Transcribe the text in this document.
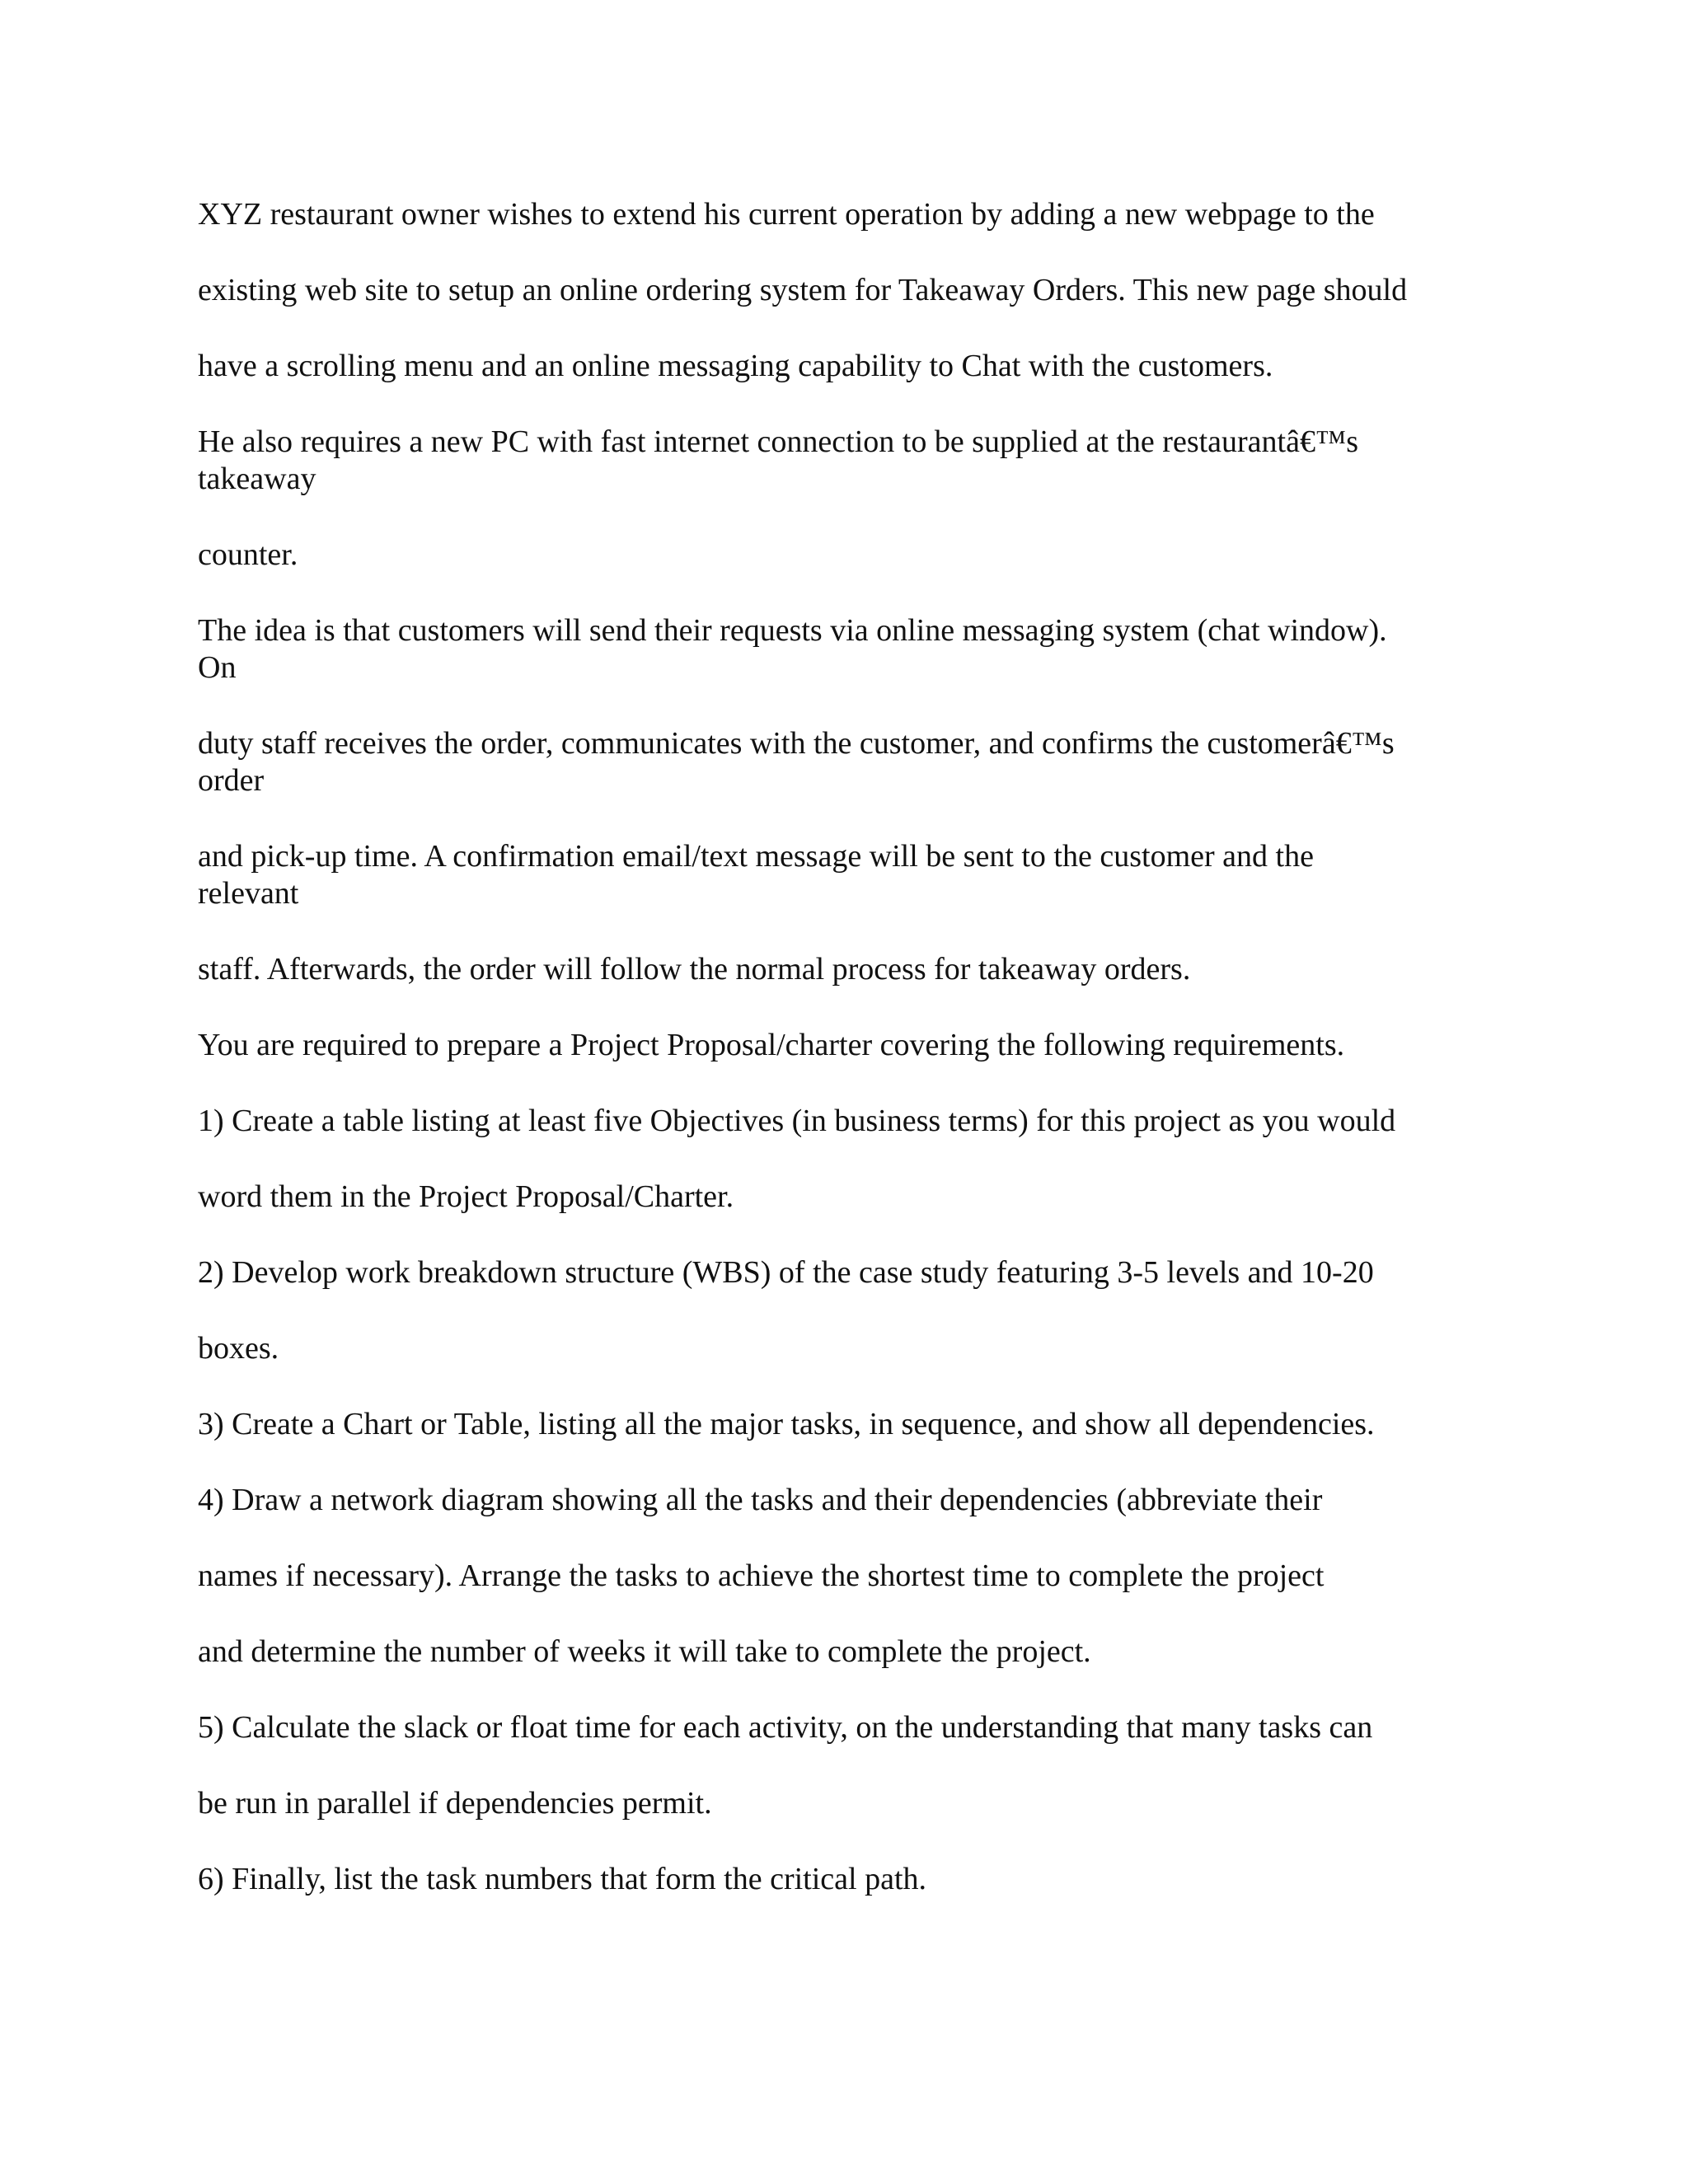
XYZ restaurant owner wishes to extend his current operation by adding a new webpage to the

existing web site to setup an online ordering system for Takeaway Orders. This new page should

have a scrolling menu and an online messaging capability to Chat with the customers.

He also requires a new PC with fast internet connection to be supplied at the restaurantâ€™s

takeaway

counter.

The idea is that customers will send their requests via online messaging system (chat window).

On

duty staff receives the order, communicates with the customer, and confirms the customerâ€™s

order

and pick-up time. A confirmation email/text message will be sent to the customer and the

relevant

staff. Afterwards, the order will follow the normal process for takeaway orders.

You are required to prepare a Project Proposal/charter covering the following requirements.

1) Create a table listing at least five Objectives (in business terms) for this project as you would

word them in the Project Proposal/Charter.

2) Develop work breakdown structure (WBS) of the case study featuring 3-5 levels and 10-20

boxes.

3) Create a Chart or Table, listing all the major tasks, in sequence, and show all dependencies.

4) Draw a network diagram showing all the tasks and their dependencies (abbreviate their

names if necessary). Arrange the tasks to achieve the shortest time to complete the project

and determine the number of weeks it will take to complete the project.

5) Calculate the slack or float time for each activity, on the understanding that many tasks can

be run in parallel if dependencies permit.

6) Finally, list the task numbers that form the critical path.
